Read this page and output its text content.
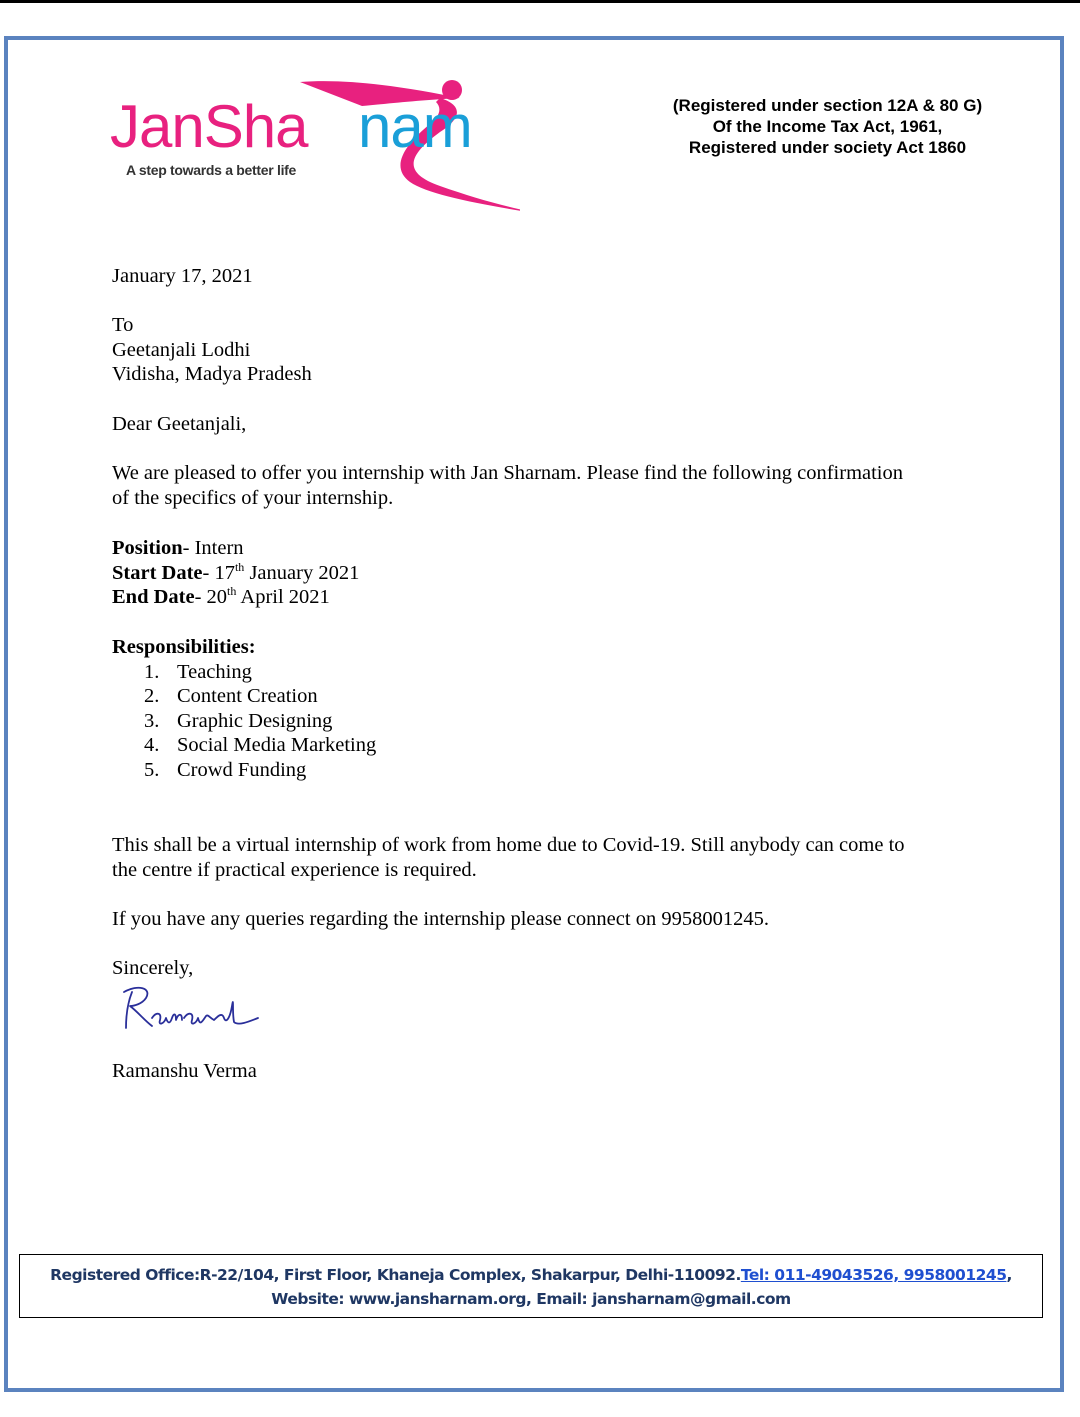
JanSha nam
A step towards a better life
(Registered under section 12A & 80 G)
Of the Income Tax Act, 1961,
Registered under society Act 1860
January 17, 2021
To
Geetanjali Lodhi
Vidisha, Madya Pradesh
Dear Geetanjali,
We are pleased to offer you internship with Jan Sharnam. Please find the following confirmation
of the specifics of your internship.
Position- Intern
Start Date- 17th January 2021
End Date- 20th April 2021
Responsibilities:
1. Teaching
2. Content Creation
3. Graphic Designing
4. Social Media Marketing
5. Crowd Funding
This shall be a virtual internship of work from home due to Covid-19. Still anybody can come to
the centre if practical experience is required.
If you have any queries regarding the internship please connect on 9958001245.
Sincerely,
Ramanshu Verma
Registered Office:R-22/104, First Floor, Khaneja Complex, Shakarpur, Delhi-110092.Tel: 011-49043526, 9958001245,
Website: www.jansharnam.org, Email: jansharnam@gmail.com
